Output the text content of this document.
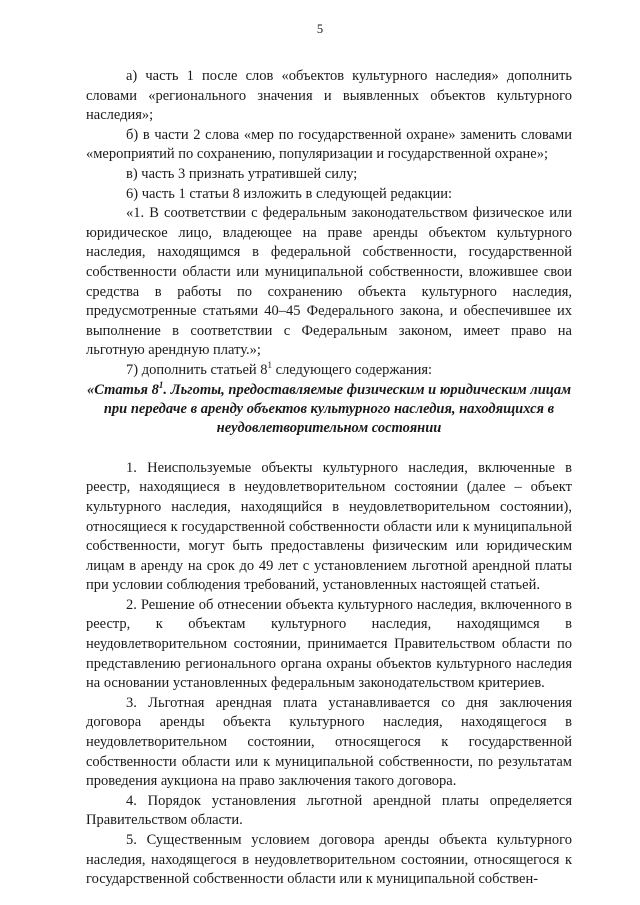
5

а) часть 1 после слов «объектов культурного наследия» дополнить словами «регионального значения и выявленных объектов культурного наследия»;

б) в части 2 слова «мер по государственной охране» заменить словами «мероприятий по сохранению, популяризации и государственной охране»;

в) часть 3 признать утратившей силу;

6) часть 1 статьи 8 изложить в следующей редакции:

«1. В соответствии с федеральным законодательством физическое или юридическое лицо, владеющее на праве аренды объектом культурного наследия, находящимся в федеральной собственности, государственной собственности области или муниципальной собственности, вложившее свои средства в работы по сохранению объекта культурного наследия, предусмотренные статьями 40–45 Федерального закона, и обеспечившее их выполнение в соответствии с Федеральным законом, имеет право на льготную арендную плату.»;

7) дополнить статьей $8^1$ следующего содержания:

«Статья $8^1$. Льготы, предоставляемые физическим и юридическим лицам при передаче в аренду объектов культурного наследия, находящихся в неудовлетворительном состоянии

1. Неиспользуемые объекты культурного наследия, включенные в реестр, находящиеся в неудовлетворительном состоянии (далее – объект культурного наследия, находящийся в неудовлетворительном состоянии), относящиеся к государственной собственности области или к муниципальной собственности, могут быть предоставлены физическим или юридическим лицам в аренду на срок до 49 лет с установлением льготной арендной платы при условии соблюдения требований, установленных настоящей статьей.

2. Решение об отнесении объекта культурного наследия, включенного в реестр, к объектам культурного наследия, находящимся в неудовлетворительном состоянии, принимается Правительством области по представлению регионального органа охраны объектов культурного наследия на основании установленных федеральным законодательством критериев.

3. Льготная арендная плата устанавливается со дня заключения договора аренды объекта культурного наследия, находящегося в неудовлетворительном состоянии, относящегося к государственной собственности области или к муниципальной собственности, по результатам проведения аукциона на право заключения такого договора.

4. Порядок установления льготной арендной платы определяется Правительством области.

5. Существенным условием договора аренды объекта культурного наследия, находящегося в неудовлетворительном состоянии, относящегося к государственной собственности области или к муниципальной собствен-
